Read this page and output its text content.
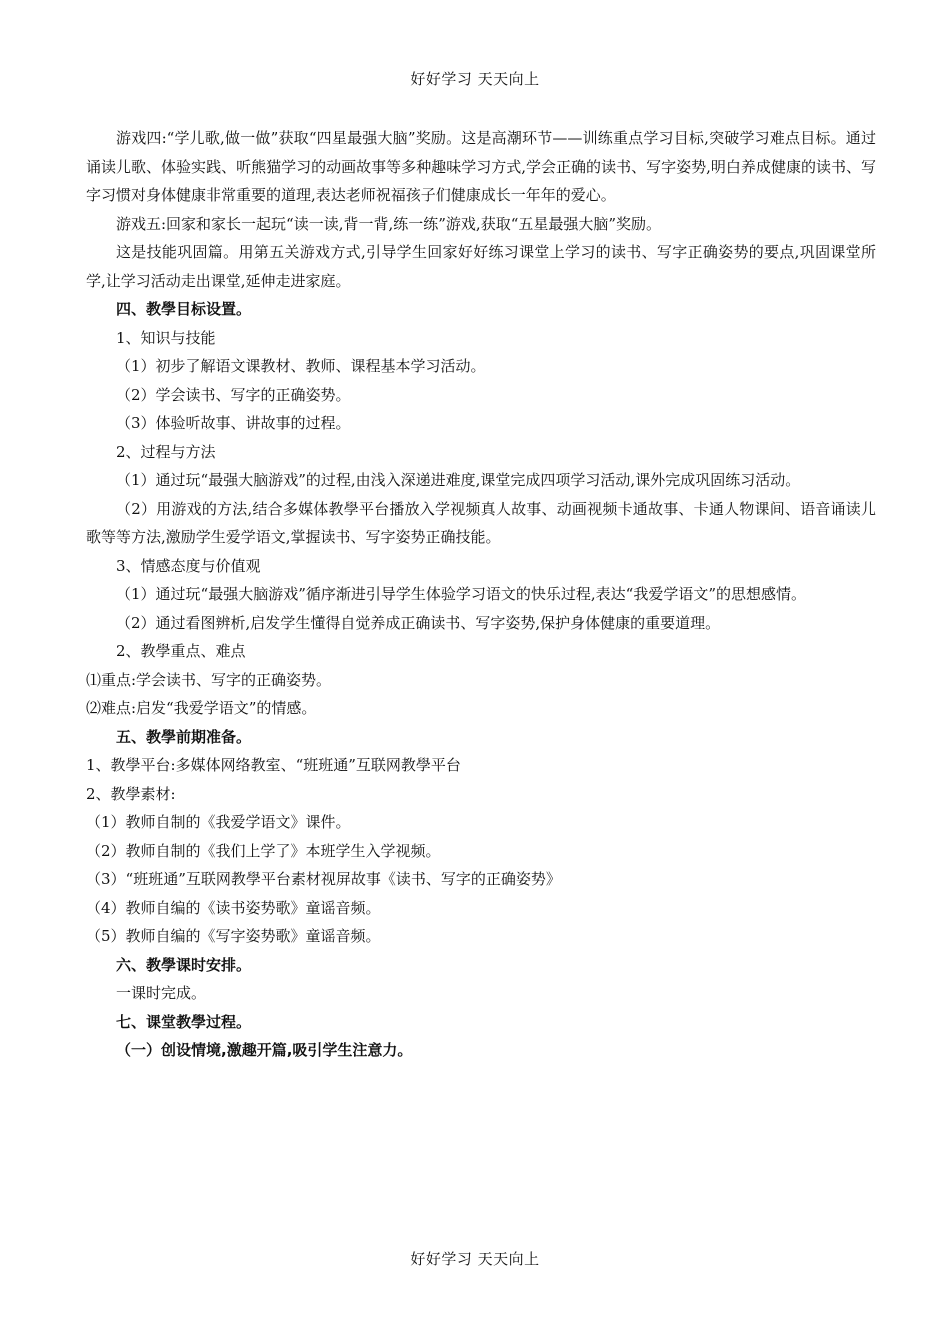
好好学习 天天向上

游戏四:“学儿歌,做一做”获取“四星最强大脑”奖励。这是高潮环节——训练重点学习目标,突破学习难点目标。通过诵读儿歌、体验实践、听熊猫学习的动画故事等多种趣味学习方式,学会正确的读书、写字姿势,明白养成健康的读书、写字习惯对身体健康非常重要的道理,表达老师祝福孩子们健康成长一年年的爱心。

游戏五:回家和家长一起玩“读一读,背一背,练一练”游戏,获取“五星最强大脑”奖励。

这是技能巩固篇。用第五关游戏方式,引导学生回家好好练习课堂上学习的读书、写字正确姿势的要点,巩固课堂所学,让学习活动走出课堂,延伸走进家庭。

四、教學目标设置。

1、知识与技能

（1）初步了解语文课教材、教师、课程基本学习活动。

（2）学会读书、写字的正确姿势。

（3）体验听故事、讲故事的过程。

2、过程与方法

（1）通过玩“最强大脑游戏”的过程,由浅入深递进难度,课堂完成四项学习活动,课外完成巩固练习活动。

（2）用游戏的方法,结合多媒体教學平台播放入学视频真人故事、动画视频卡通故事、卡通人物课间、语音诵读儿歌等等方法,激励学生爱学语文,掌握读书、写字姿势正确技能。

3、情感态度与价值观

（1）通过玩“最强大脑游戏”循序渐进引导学生体验学习语文的快乐过程,表达“我爱学语文”的思想感情。

（2）通过看图辨析,启发学生懂得自觉养成正确读书、写字姿势,保护身体健康的重要道理。

2、教學重点、难点

⑴重点:学会读书、写字的正确姿势。

⑵难点:启发“我爱学语文”的情感。

五、教學前期准备。

1、教學平台:多媒体网络教室、“班班通”互联网教學平台

2、教學素材:

（1）教师自制的《我爱学语文》课件。

（2）教师自制的《我们上学了》本班学生入学视频。

（3）“班班通”互联网教學平台素材视屏故事《读书、写字的正确姿势》

（4）教师自编的《读书姿势歌》童谣音频。

（5）教师自编的《写字姿势歌》童谣音频。

六、教學课时安排。

一课时完成。

七、课堂教學过程。

（一）创设情境,激趣开篇,吸引学生注意力。

好好学习 天天向上
